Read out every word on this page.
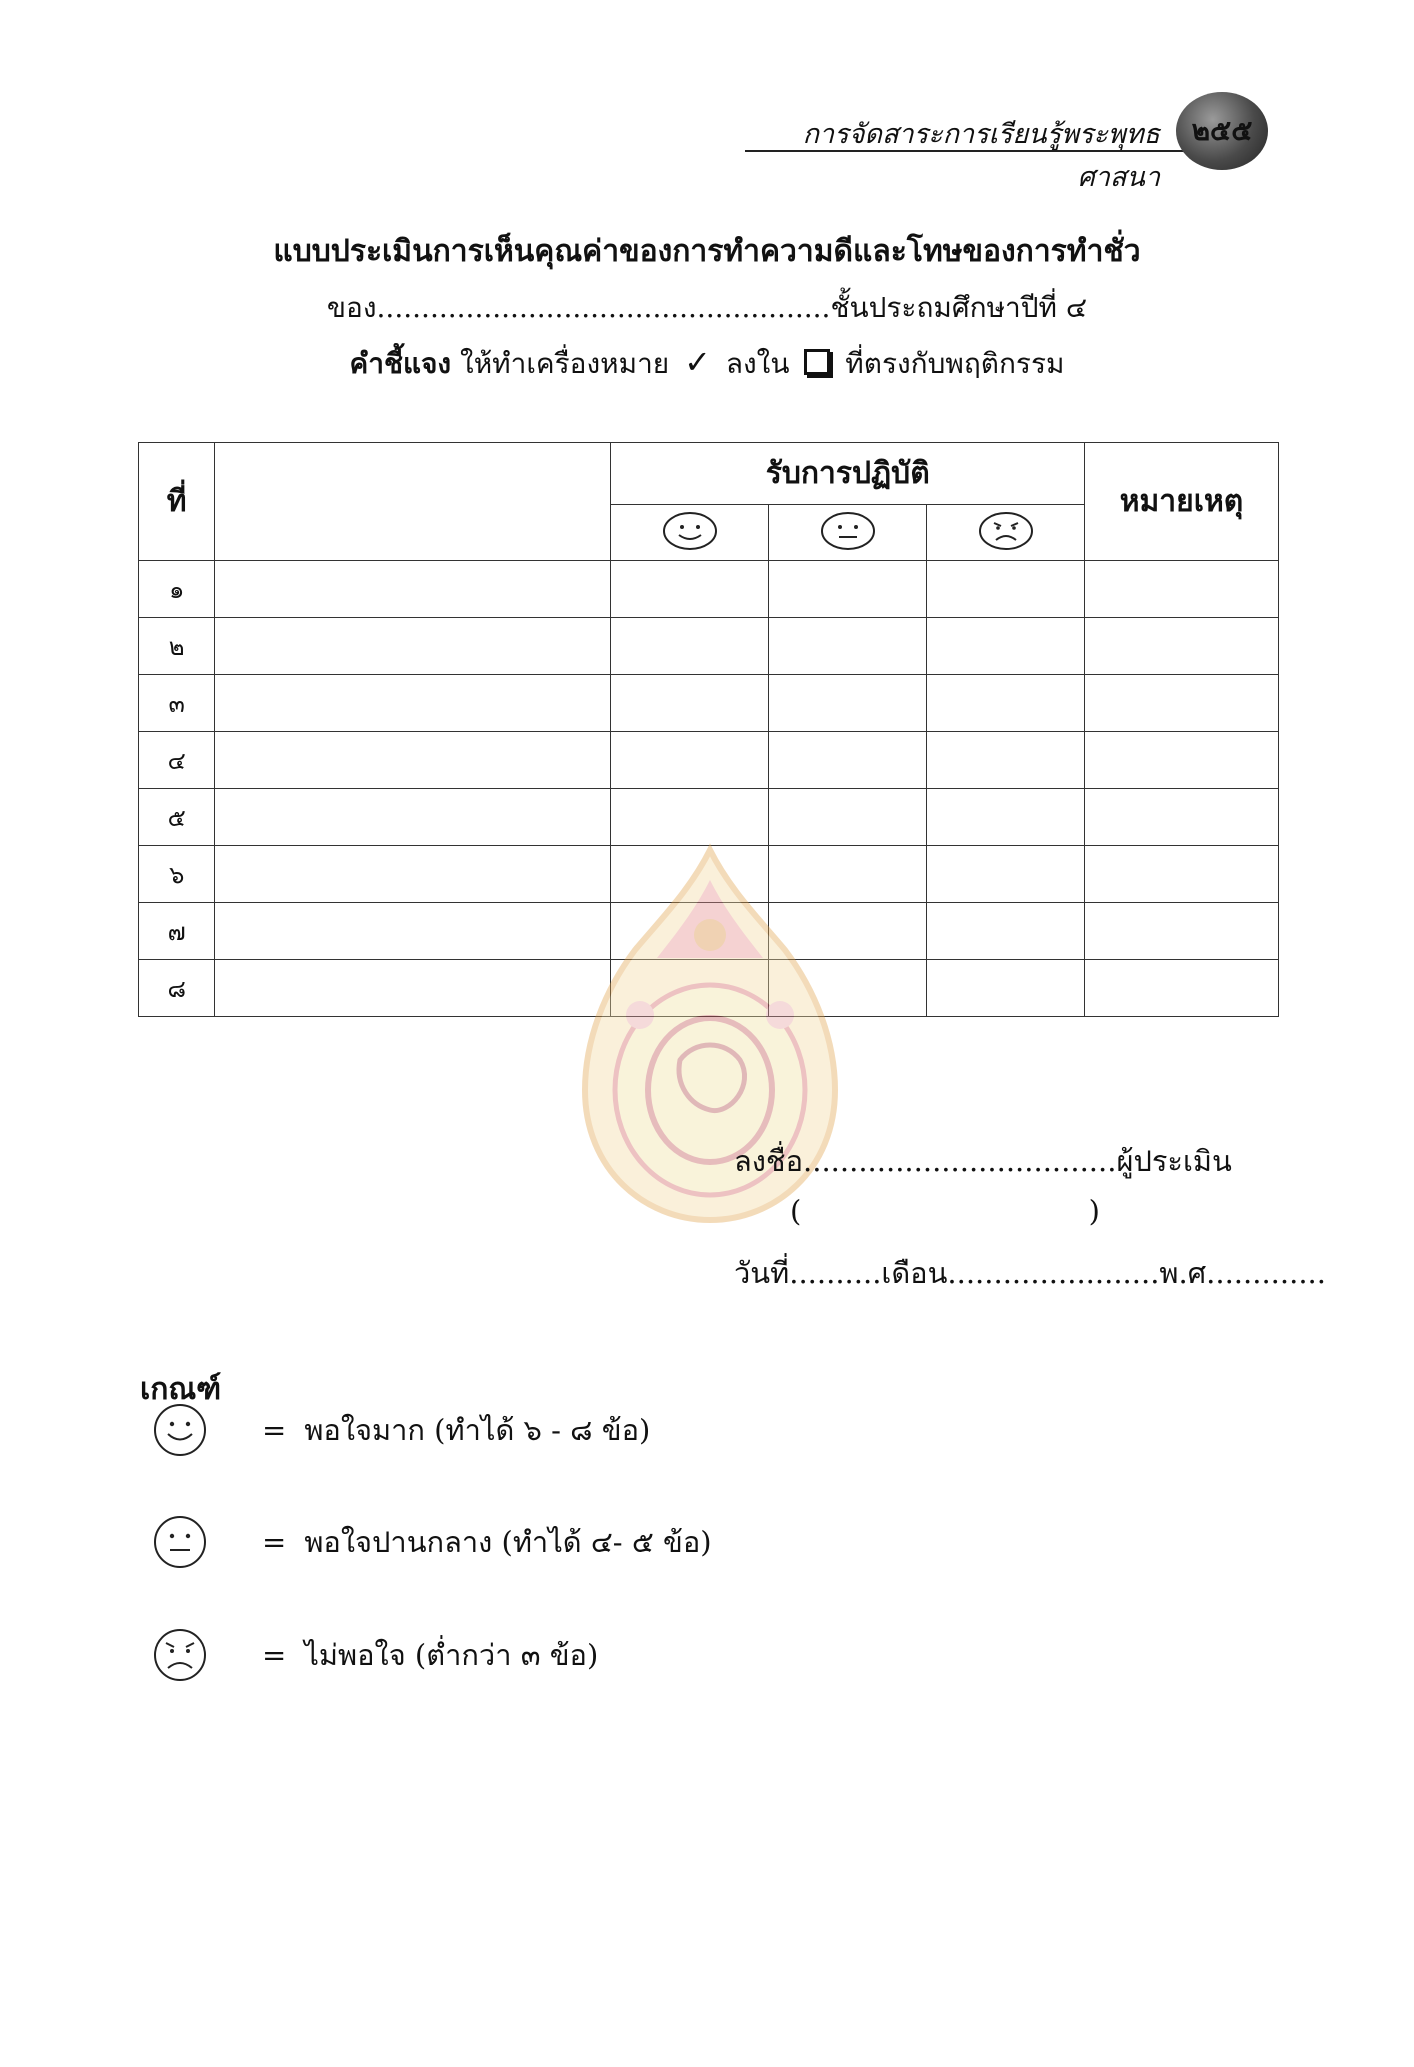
การจัดสาระการเรียนรู้พระพุทธศาสนา
๒๕๕
แบบประเมินการเห็นคุณค่าของการทำความดีและโทษของการทำชั่ว
ของ...................................................ชั้นประถมศึกษาปีที่ ๔
คำชี้แจง ให้ทำเครื่องหมาย ✓ ลงใน ที่ตรงกับพฤติกรรม
ที่		รับการปฏิบัติ			หมายเหตุ

๑					
๒					
๓					
๔					
๕					
๖					
๗					
๘					
ลงชื่อ..................................ผู้ประเมิน
(	)
วันที่..........เดือน.......................พ.ศ.............
เกณฑ์
= พอใจมาก (ทำได้ ๖ - ๘ ข้อ)
= พอใจปานกลาง (ทำได้ ๔- ๕ ข้อ)
= ไม่พอใจ (ต่ำกว่า ๓ ข้อ)
